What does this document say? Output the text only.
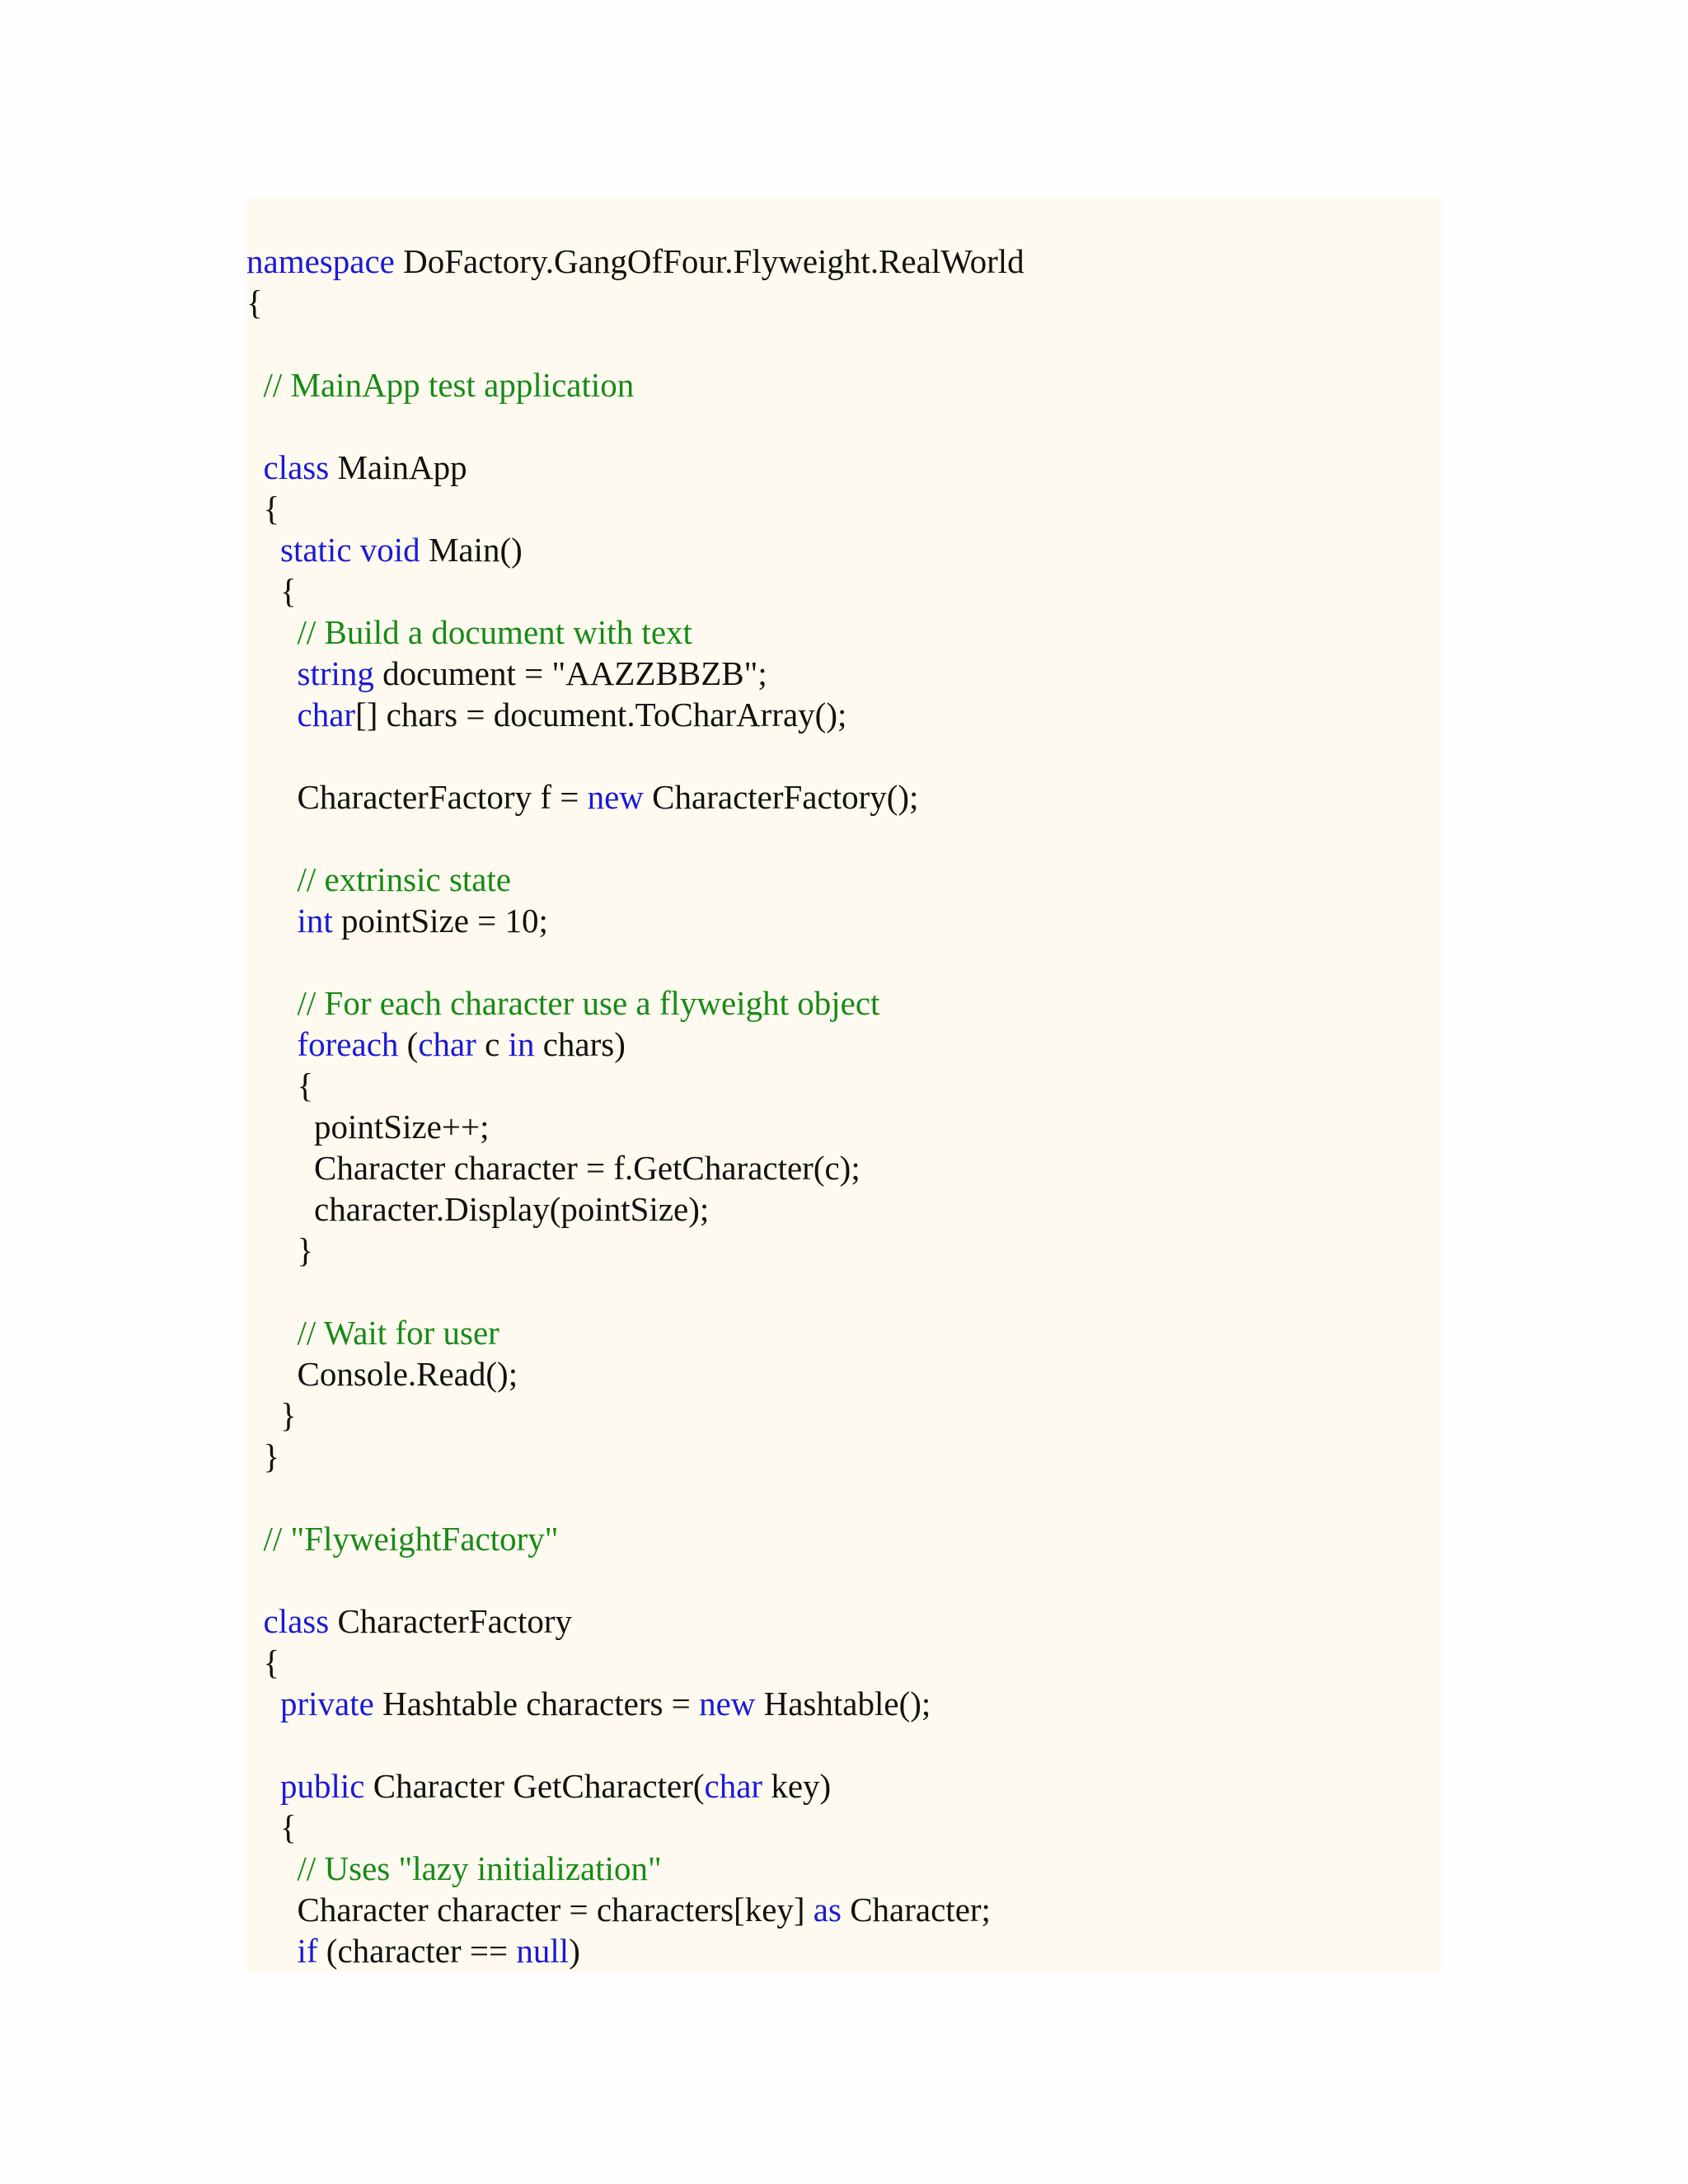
namespace DoFactory.GangOfFour.Flyweight.RealWorld
{
// MainApp test application
class MainApp
{
static void Main()
{
// Build a document with text
string document = "AAZZBBZB";
char[] chars = document.ToCharArray();
CharacterFactory f = new CharacterFactory();
// extrinsic state
int pointSize = 10;
// For each character use a flyweight object
foreach (char c in chars)
{
pointSize++;
Character character = f.GetCharacter(c);
character.Display(pointSize);
}
// Wait for user
Console.Read();
}
}
// "FlyweightFactory"
class CharacterFactory
{
private Hashtable characters = new Hashtable();
public Character GetCharacter(char key)
{
// Uses "lazy initialization"
Character character = characters[key] as Character;
if (character == null)
